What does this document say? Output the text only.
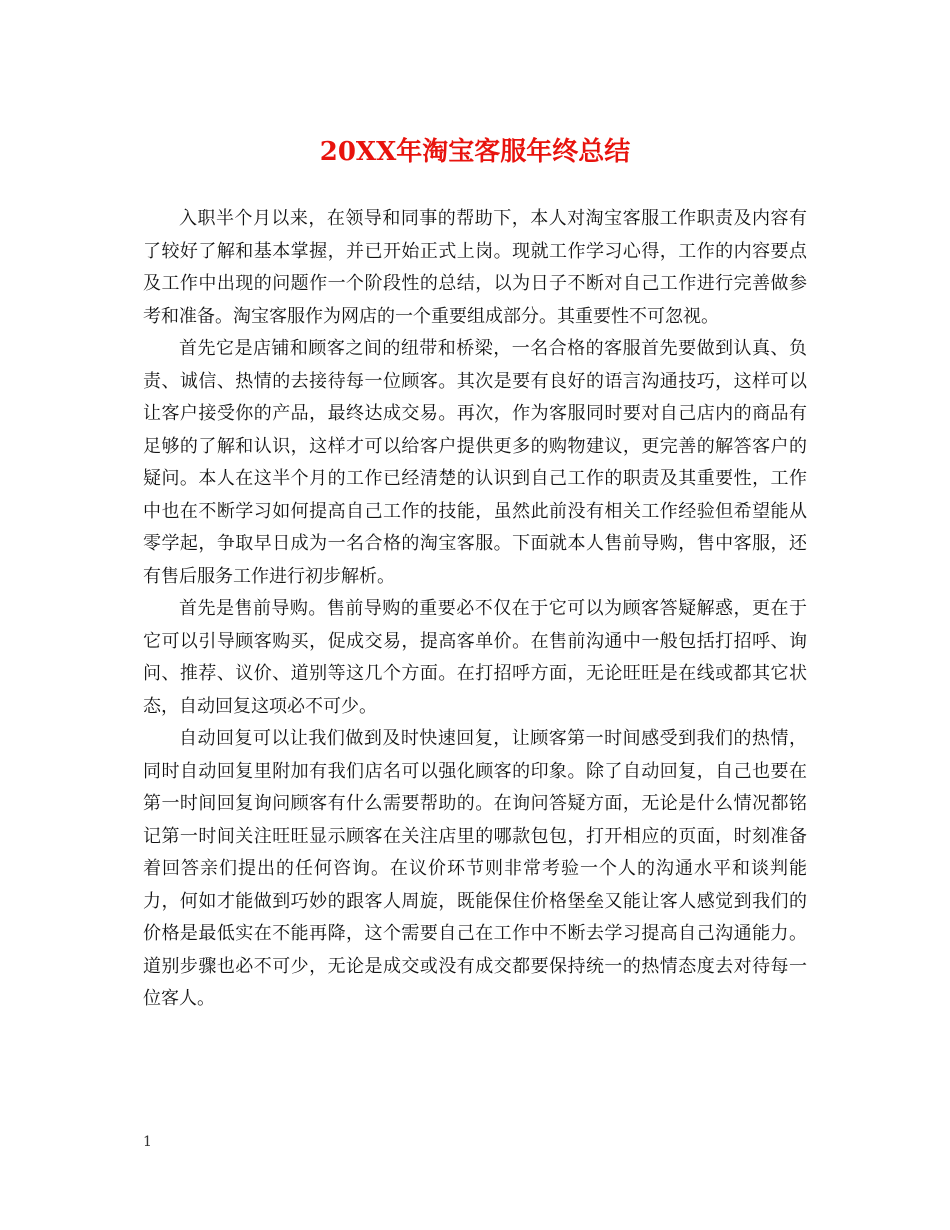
20XX年淘宝客服年终总结

入职半个月以来，在领导和同事的帮助下，本人对淘宝客服工作职责及内容有了较好了解和基本掌握，并已开始正式上岗。现就工作学习心得，工作的内容要点及工作中出现的问题作一个阶段性的总结，以为日子不断对自己工作进行完善做参考和准备。淘宝客服作为网店的一个重要组成部分。其重要性不可忽视。

首先它是店铺和顾客之间的纽带和桥梁，一名合格的客服首先要做到认真、负责、诚信、热情的去接待每一位顾客。其次是要有良好的语言沟通技巧，这样可以让客户接受你的产品，最终达成交易。再次，作为客服同时要对自己店内的商品有足够的了解和认识，这样才可以给客户提供更多的购物建议，更完善的解答客户的疑问。本人在这半个月的工作已经清楚的认识到自己工作的职责及其重要性，工作中也在不断学习如何提高自己工作的技能，虽然此前没有相关工作经验但希望能从零学起，争取早日成为一名合格的淘宝客服。下面就本人售前导购，售中客服，还有售后服务工作进行初步解析。

首先是售前导购。售前导购的重要必不仅在于它可以为顾客答疑解惑，更在于它可以引导顾客购买，促成交易，提高客单价。在售前沟通中一般包括打招呼、询问、推荐、议价、道别等这几个方面。在打招呼方面，无论旺旺是在线或都其它状态，自动回复这项必不可少。

自动回复可以让我们做到及时快速回复，让顾客第一时间感受到我们的热情，同时自动回复里附加有我们店名可以强化顾客的印象。除了自动回复，自己也要在第一时间回复询问顾客有什么需要帮助的。在询问答疑方面，无论是什么情况都铭记第一时间关注旺旺显示顾客在关注店里的哪款包包，打开相应的页面，时刻准备着回答亲们提出的任何咨询。在议价环节则非常考验一个人的沟通水平和谈判能力，何如才能做到巧妙的跟客人周旋，既能保住价格堡垒又能让客人感觉到我们的价格是最低实在不能再降，这个需要自己在工作中不断去学习提高自己沟通能力。道别步骤也必不可少，无论是成交或没有成交都要保持统一的热情态度去对待每一位客人。

1
